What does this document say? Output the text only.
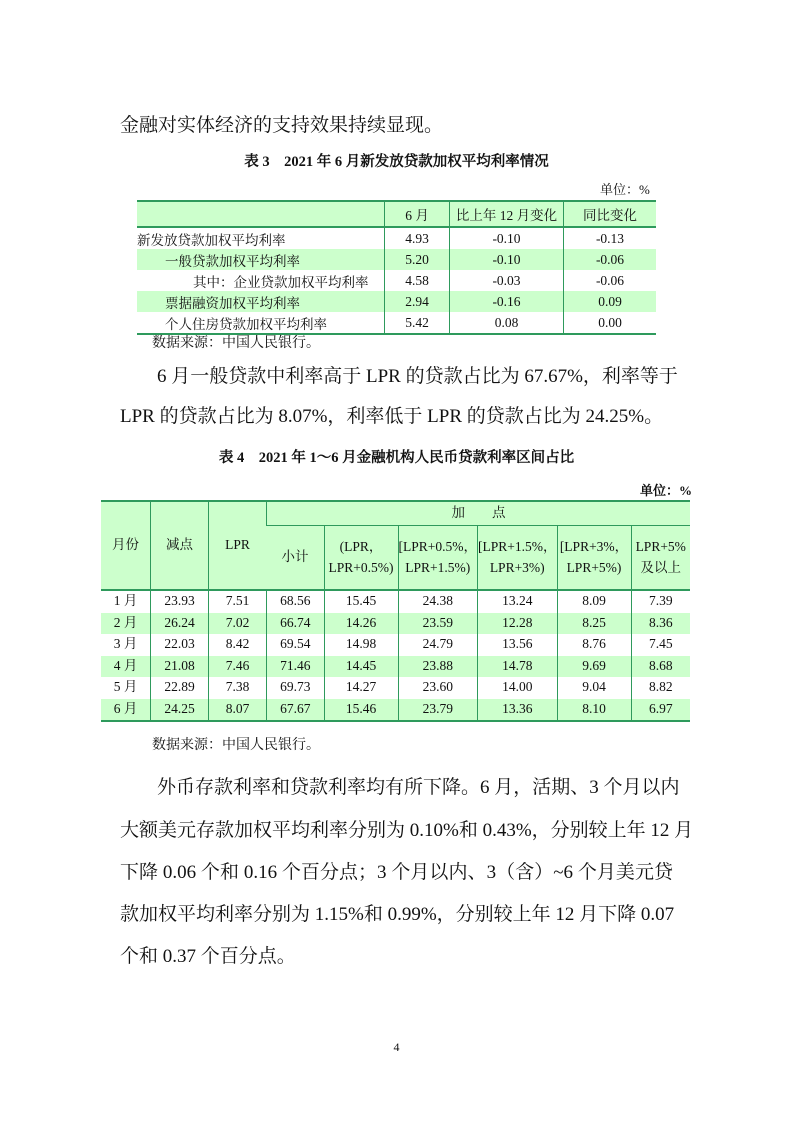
金融对实体经济的支持效果持续显现。
表 3　2021 年 6 月新发放贷款加权平均利率情况
单位：%
	6 月	比上年 12 月变化	同比变化
新发放贷款加权平均利率	4.93	-0.10	-0.13
一般贷款加权平均利率	5.20	-0.10	-0.06
其中：企业贷款加权平均利率	4.58	-0.03	-0.06
票据融资加权平均利率	2.94	-0.16	0.09
个人住房贷款加权平均利率	5.42	0.08	0.00
数据来源：中国人民银行。
6 月一般贷款中利率高于 LPR 的贷款占比为 67.67%，利率等于
LPR 的贷款占比为 8.07%，利率低于 LPR 的贷款占比为 24.25%。
表 4　2021 年 1～6 月金融机构人民币贷款利率区间占比
单位：%
月份	减点	LPR	加　　点					
			小计	(LPR，LPR+0.5%)	[LPR+0.5%，LPR+1.5%)	[LPR+1.5%，LPR+3%)	[LPR+3%，LPR+5%)	LPR+5% 及以上
1 月	23.93	7.51	68.56	15.45	24.38	13.24	8.09	7.39
2 月	26.24	7.02	66.74	14.26	23.59	12.28	8.25	8.36
3 月	22.03	8.42	69.54	14.98	24.79	13.56	8.76	7.45
4 月	21.08	7.46	71.46	14.45	23.88	14.78	9.69	8.68
5 月	22.89	7.38	69.73	14.27	23.60	14.00	9.04	8.82
6 月	24.25	8.07	67.67	15.46	23.79	13.36	8.10	6.97
数据来源：中国人民银行。
外币存款利率和贷款利率均有所下降。6 月，活期、3 个月以内
大额美元存款加权平均利率分别为 0.10%和 0.43%，分别较上年 12 月
下降 0.06 个和 0.16 个百分点；3 个月以内、3（含）~6 个月美元贷
款加权平均利率分别为 1.15%和 0.99%，分别较上年 12 月下降 0.07
个和 0.37 个百分点。
4
